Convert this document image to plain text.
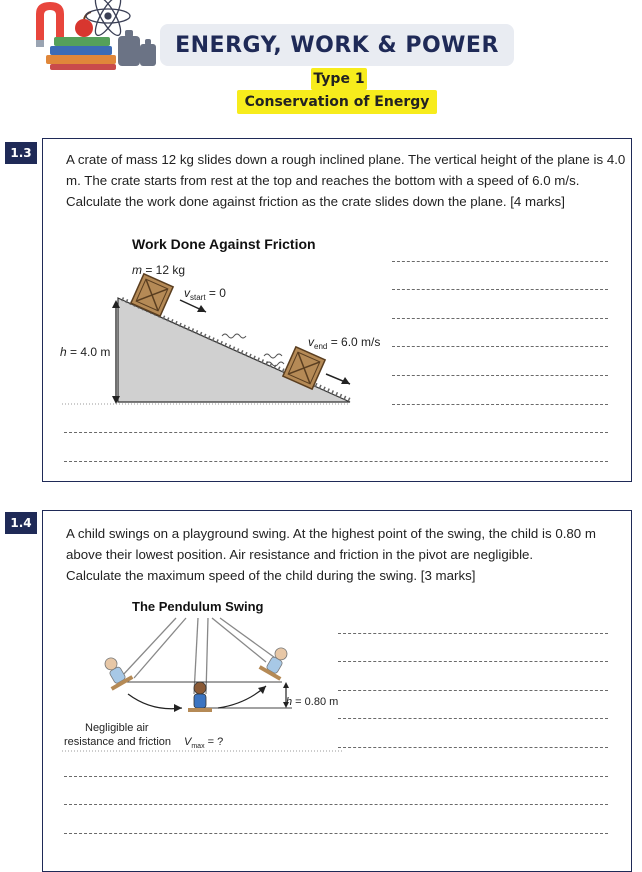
ENERGY, WORK & POWER
Type 1
Conservation of Energy
1.3	A crate of mass 12 kg slides down a rough inclined plane. The vertical height of the plane is 4.0
m. The crate starts from rest at the top and reaches the bottom with a speed of 6.0 m/s.
Calculate the work done against friction as the crate slides down the plane. [4 marks]
Work Done Against Friction
m = 12 kg
h = 4.0 m
$v_{start} = 0$
$v_{end} = 6.0$ m/s
1.4
A child swings on a playground swing. At the highest point of the swing, the child is 0.80 m
above their lowest position. Air resistance and friction in the pivot are negligible.
Calculate the maximum speed of the child during the swing. [3 marks]
The Pendulum Swing
h = 0.80 m
Negligible air
resistance and friction $V_{max}$ = ?
